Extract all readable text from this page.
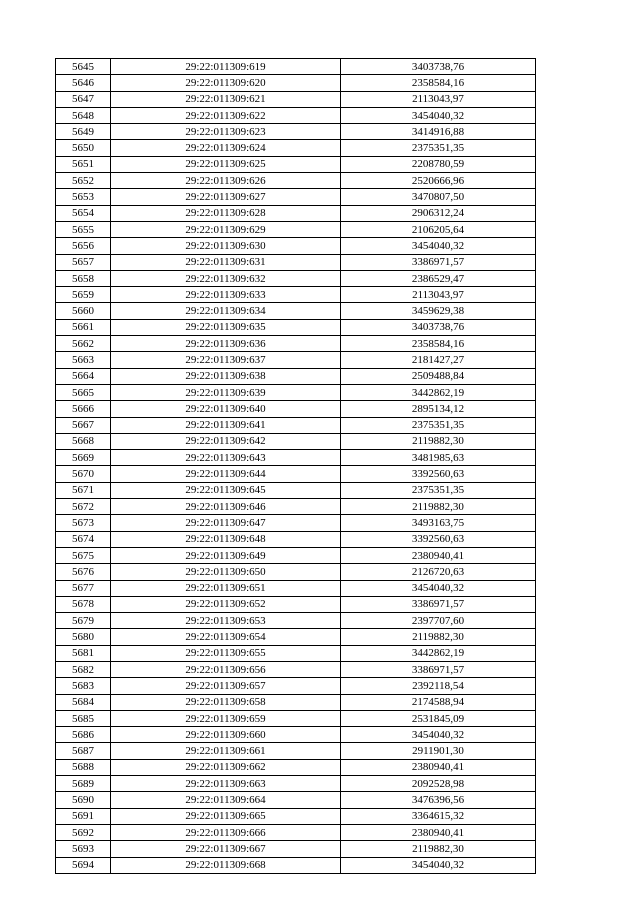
5645	29:22:011309:619	3403738,76
5646	29:22:011309:620	2358584,16
5647	29:22:011309:621	2113043,97
5648	29:22:011309:622	3454040,32
5649	29:22:011309:623	3414916,88
5650	29:22:011309:624	2375351,35
5651	29:22:011309:625	2208780,59
5652	29:22:011309:626	2520666,96
5653	29:22:011309:627	3470807,50
5654	29:22:011309:628	2906312,24
5655	29:22:011309:629	2106205,64
5656	29:22:011309:630	3454040,32
5657	29:22:011309:631	3386971,57
5658	29:22:011309:632	2386529,47
5659	29:22:011309:633	2113043,97
5660	29:22:011309:634	3459629,38
5661	29:22:011309:635	3403738,76
5662	29:22:011309:636	2358584,16
5663	29:22:011309:637	2181427,27
5664	29:22:011309:638	2509488,84
5665	29:22:011309:639	3442862,19
5666	29:22:011309:640	2895134,12
5667	29:22:011309:641	2375351,35
5668	29:22:011309:642	2119882,30
5669	29:22:011309:643	3481985,63
5670	29:22:011309:644	3392560,63
5671	29:22:011309:645	2375351,35
5672	29:22:011309:646	2119882,30
5673	29:22:011309:647	3493163,75
5674	29:22:011309:648	3392560,63
5675	29:22:011309:649	2380940,41
5676	29:22:011309:650	2126720,63
5677	29:22:011309:651	3454040,32
5678	29:22:011309:652	3386971,57
5679	29:22:011309:653	2397707,60
5680	29:22:011309:654	2119882,30
5681	29:22:011309:655	3442862,19
5682	29:22:011309:656	3386971,57
5683	29:22:011309:657	2392118,54
5684	29:22:011309:658	2174588,94
5685	29:22:011309:659	2531845,09
5686	29:22:011309:660	3454040,32
5687	29:22:011309:661	2911901,30
5688	29:22:011309:662	2380940,41
5689	29:22:011309:663	2092528,98
5690	29:22:011309:664	3476396,56
5691	29:22:011309:665	3364615,32
5692	29:22:011309:666	2380940,41
5693	29:22:011309:667	2119882,30
5694	29:22:011309:668	3454040,32
